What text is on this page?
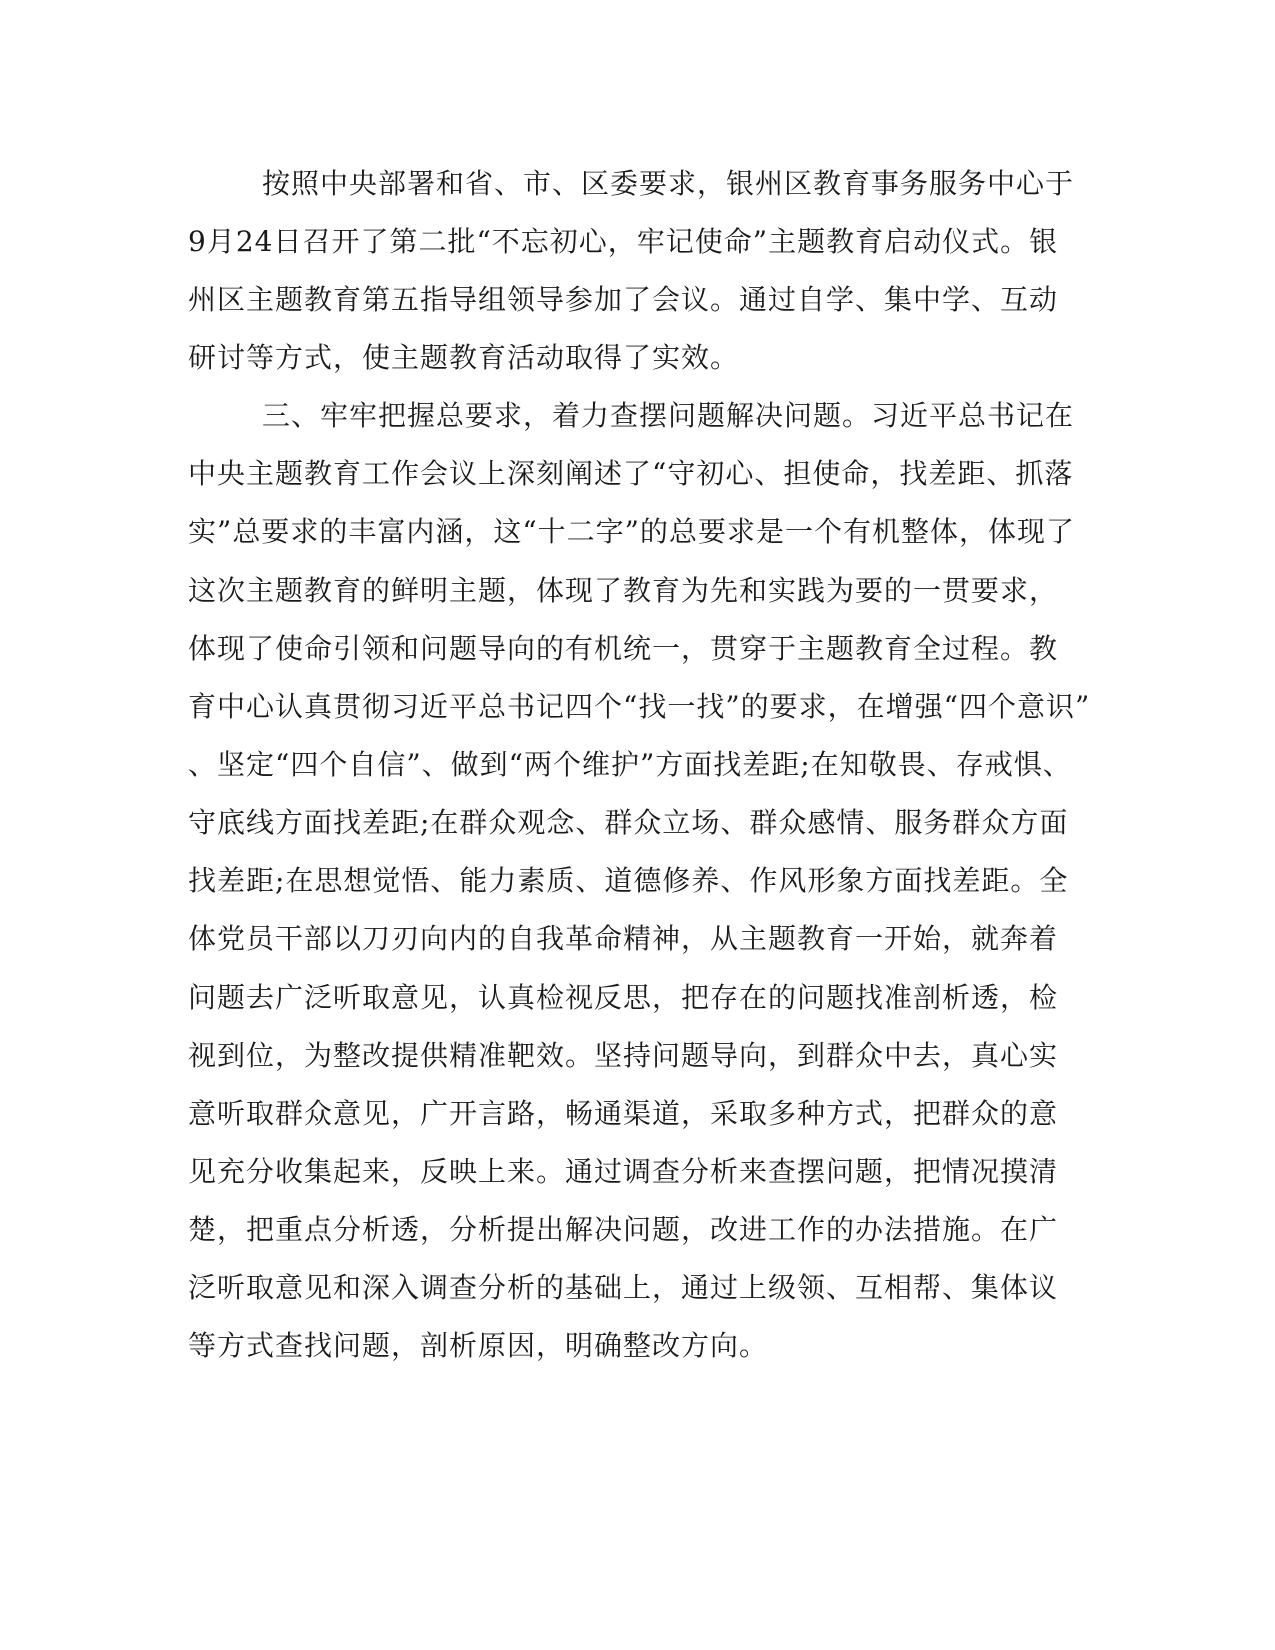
按照中央部署和省、市、区委要求，银州区教育事务服务中心于
9月24日召开了第二批“不忘初心，牢记使命”主题教育启动仪式。银
州区主题教育第五指导组领导参加了会议。通过自学、集中学、互动
研讨等方式，使主题教育活动取得了实效。
三、牢牢把握总要求，着力查摆问题解决问题。习近平总书记在
中央主题教育工作会议上深刻阐述了“守初心、担使命，找差距、抓落
实”总要求的丰富内涵，这“十二字”的总要求是一个有机整体，体现了
这次主题教育的鲜明主题，体现了教育为先和实践为要的一贯要求，
体现了使命引领和问题导向的有机统一，贯穿于主题教育全过程。教
育中心认真贯彻习近平总书记四个“找一找”的要求，在增强“四个意识”
、坚定“四个自信”、做到“两个维护”方面找差距;在知敬畏、存戒惧、
守底线方面找差距;在群众观念、群众立场、群众感情、服务群众方面
找差距;在思想觉悟、能力素质、道德修养、作风形象方面找差距。全
体党员干部以刀刃向内的自我革命精神，从主题教育一开始，就奔着
问题去广泛听取意见，认真检视反思，把存在的问题找准剖析透，检
视到位，为整改提供精准靶效。坚持问题导向，到群众中去，真心实
意听取群众意见，广开言路，畅通渠道，采取多种方式，把群众的意
见充分收集起来，反映上来。通过调查分析来查摆问题，把情况摸清
楚，把重点分析透，分析提出解决问题，改进工作的办法措施。在广
泛听取意见和深入调查分析的基础上，通过上级领、互相帮、集体议
等方式查找问题，剖析原因，明确整改方向。
